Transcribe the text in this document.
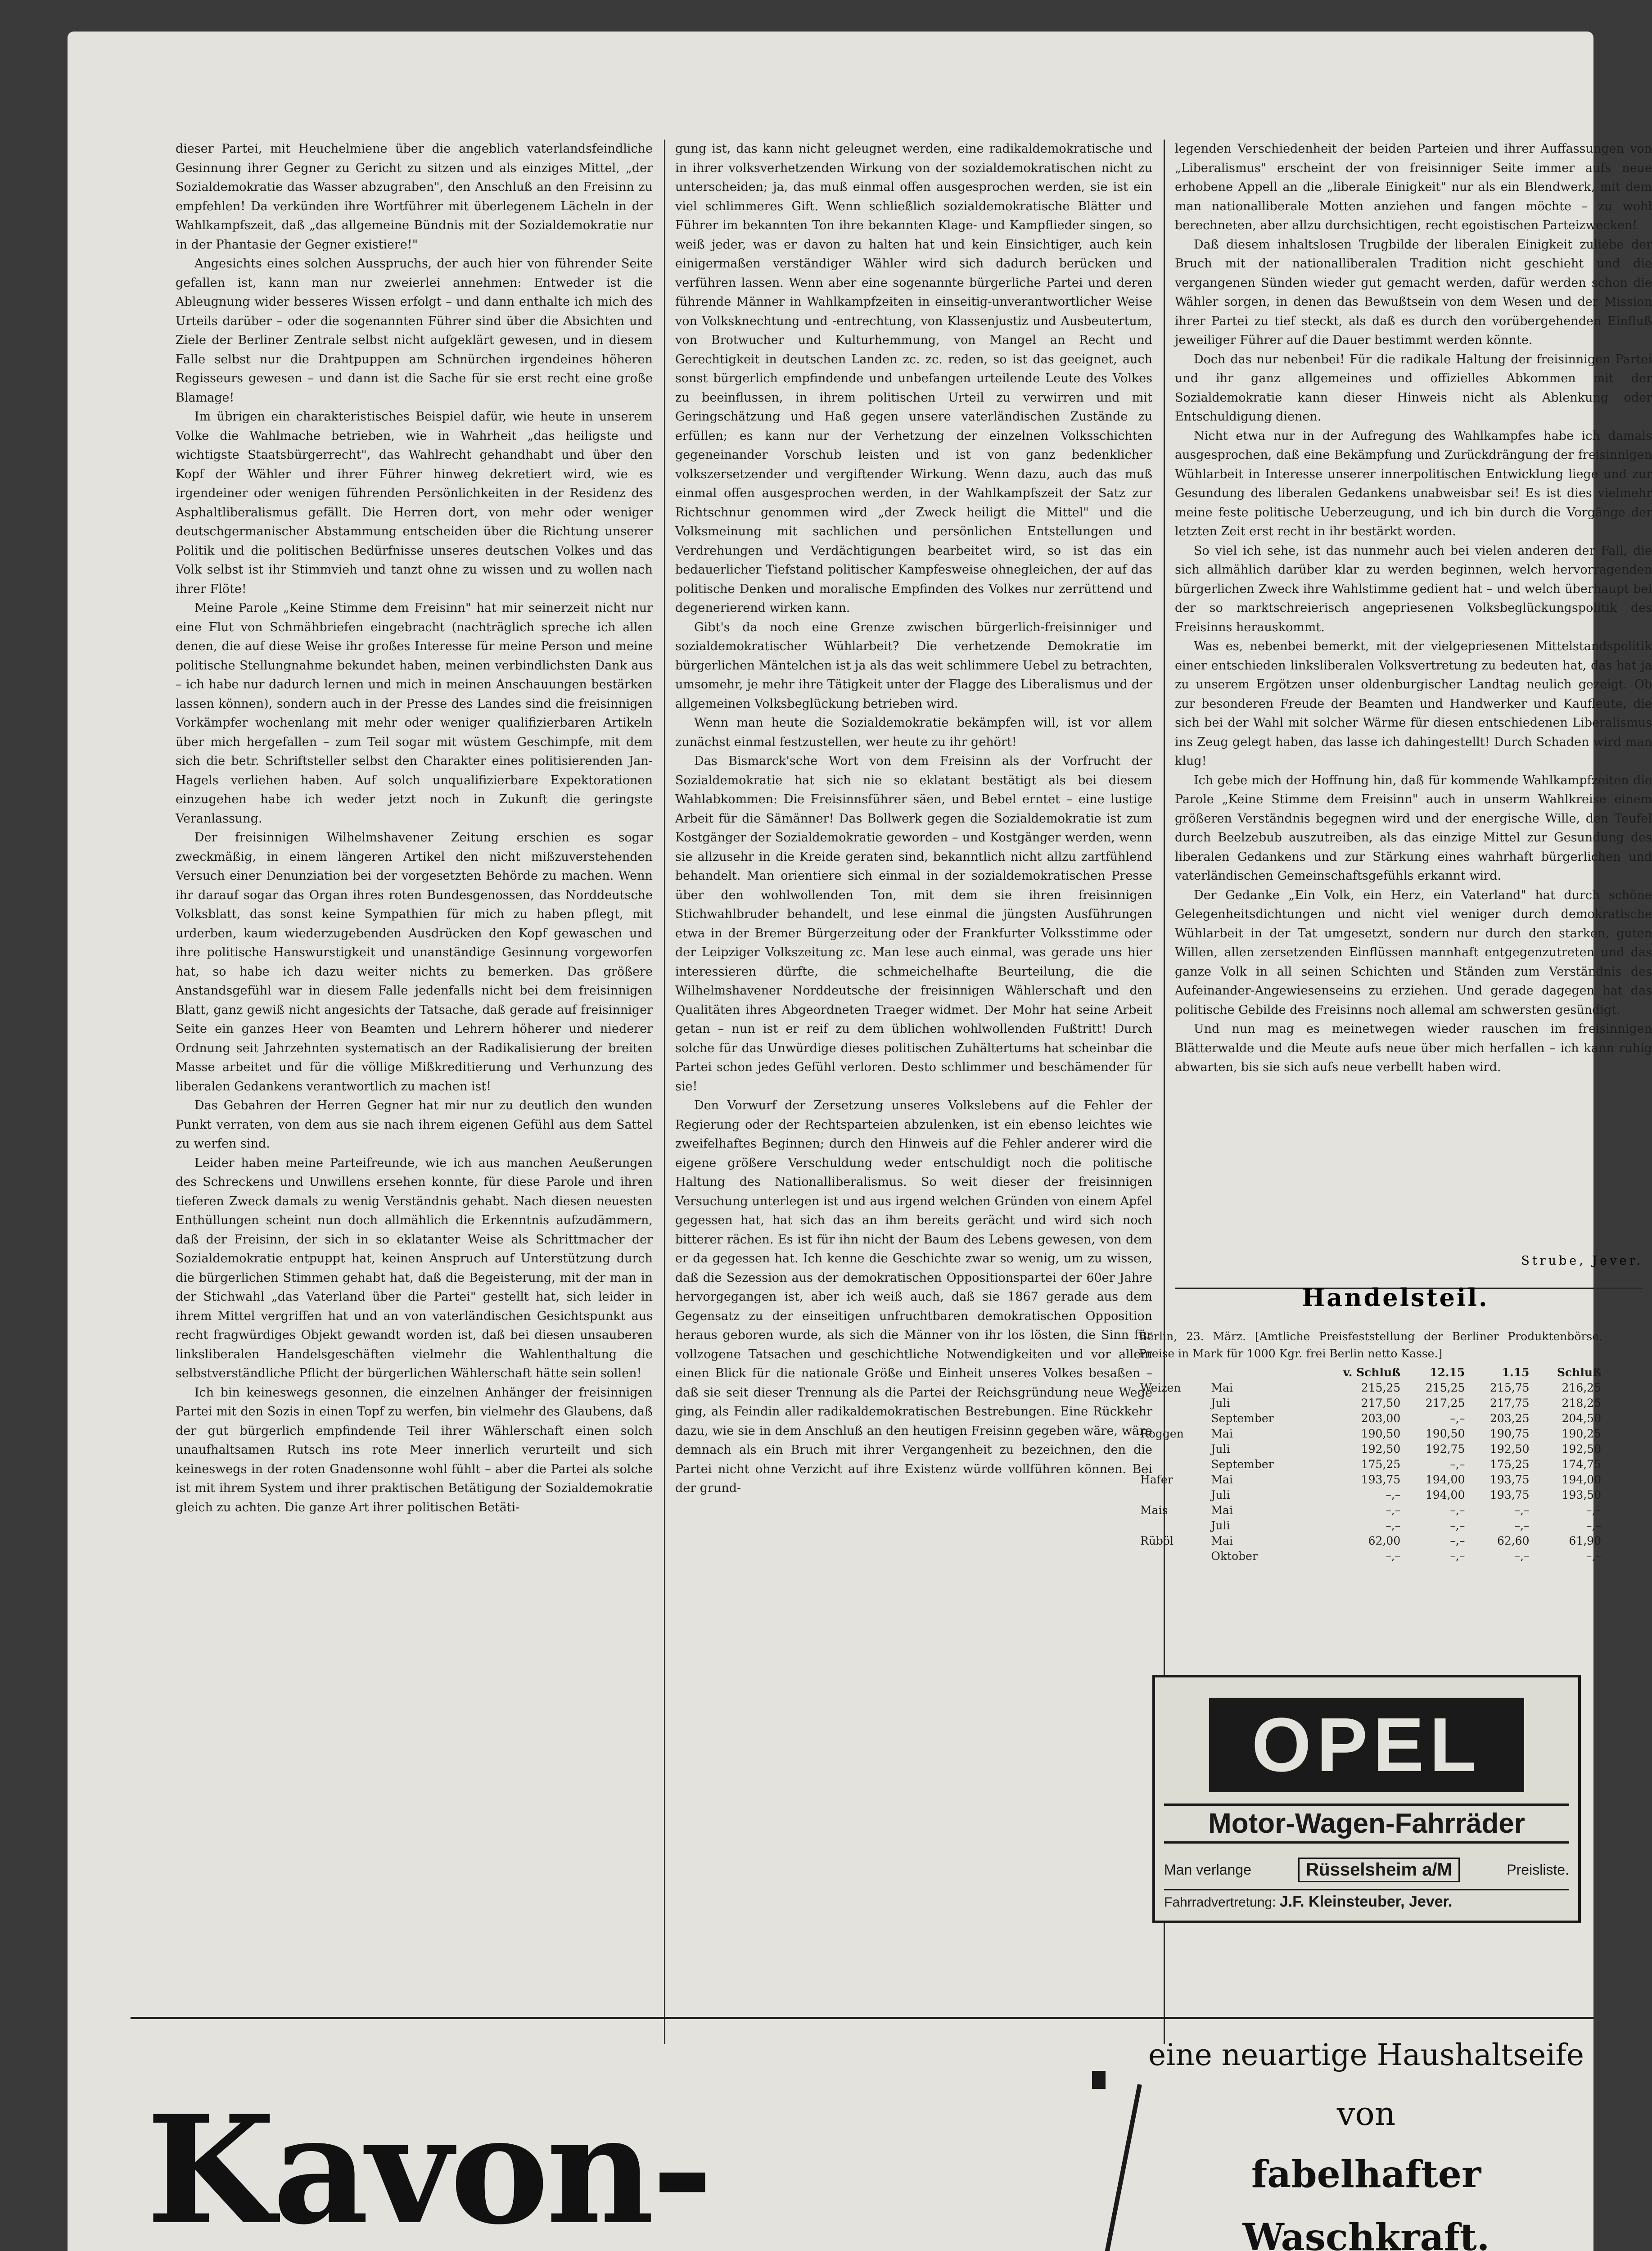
dieser Partei, mit Heuchelmiene über die angeblich vaterlandsfeindliche Gesinnung ihrer Gegner zu Gericht zu sitzen und als einziges Mittel, „der Sozialdemokratie das Wasser abzugraben", den Anschluß an den Freisinn zu empfehlen! Da verkünden ihre Wortführer mit überlegenem Lächeln in der Wahlkampfszeit, daß „das allgemeine Bündnis mit der Sozialdemokratie nur in der Phantasie der Gegner existiere!"

Angesichts eines solchen Ausspruchs, der auch hier von führender Seite gefallen ist, kann man nur zweierlei annehmen: Entweder ist die Ableugnung wider besseres Wissen erfolgt – und dann enthalte ich mich des Urteils darüber – oder die sogenannten Führer sind über die Absichten und Ziele der Berliner Zentrale selbst nicht aufgeklärt gewesen, und in diesem Falle selbst nur die Drahtpuppen am Schnürchen irgendeines höheren Regisseurs gewesen – und dann ist die Sache für sie erst recht eine große Blamage!

Im übrigen ein charakteristisches Beispiel dafür, wie heute in unserem Volke die Wahlmache betrieben, wie in Wahrheit „das heiligste und wichtigste Staatsbürgerrecht", das Wahlrecht gehandhabt und über den Kopf der Wähler und ihrer Führer hinweg dekretiert wird, wie es irgendeiner oder wenigen führenden Persönlichkeiten in der Residenz des Asphaltliberalismus gefällt. Die Herren dort, von mehr oder weniger deutschgermanischer Abstammung entscheiden über die Richtung unserer Politik und die politischen Bedürfnisse unseres deutschen Volkes und das Volk selbst ist ihr Stimmvieh und tanzt ohne zu wissen und zu wollen nach ihrer Flöte!

Meine Parole „Keine Stimme dem Freisinn" hat mir seinerzeit nicht nur eine Flut von Schmähbriefen eingebracht (nachträglich spreche ich allen denen, die auf diese Weise ihr großes Interesse für meine Person und meine politische Stellungnahme bekundet haben, meinen verbindlichsten Dank aus – ich habe nur dadurch lernen und mich in meinen Anschauungen bestärken lassen können), sondern auch in der Presse des Landes sind die freisinnigen Vorkämpfer wochenlang mit mehr oder weniger qualifizierbaren Artikeln über mich hergefallen – zum Teil sogar mit wüstem Geschimpfe, mit dem sich die betr. Schriftsteller selbst den Charakter eines politisierenden Jan-Hagels verliehen haben. Auf solch unqualifizierbare Expektorationen einzugehen habe ich weder jetzt noch in Zukunft die geringste Veranlassung.

Der freisinnigen Wilhelmshavener Zeitung erschien es sogar zweckmäßig, in einem längeren Artikel den nicht mißzuverstehenden Versuch einer Denunziation bei der vorgesetzten Behörde zu machen. Wenn ihr darauf sogar das Organ ihres roten Bundesgenossen, das Norddeutsche Volksblatt, das sonst keine Sympathien für mich zu haben pflegt, mit urderben, kaum wiederzugebenden Ausdrücken den Kopf gewaschen und ihre politische Hanswurstigkeit und unanständige Gesinnung vorgeworfen hat, so habe ich dazu weiter nichts zu bemerken. Das größere Anstandsgefühl war in diesem Falle jedenfalls nicht bei dem freisinnigen Blatt, ganz gewiß nicht angesichts der Tatsache, daß gerade auf freisinniger Seite ein ganzes Heer von Beamten und Lehrern höherer und niederer Ordnung seit Jahrzehnten systematisch an der Radikalisierung der breiten Masse arbeitet und für die völlige Mißkreditierung und Verhunzung des liberalen Gedankens verantwortlich zu machen ist!

Das Gebahren der Herren Gegner hat mir nur zu deutlich den wunden Punkt verraten, von dem aus sie nach ihrem eigenen Gefühl aus dem Sattel zu werfen sind.

Leider haben meine Parteifreunde, wie ich aus manchen Aeußerungen des Schreckens und Unwillens ersehen konnte, für diese Parole und ihren tieferen Zweck damals zu wenig Verständnis gehabt. Nach diesen neuesten Enthüllungen scheint nun doch allmählich die Erkenntnis aufzudämmern, daß der Freisinn, der sich in so eklatanter Weise als Schrittmacher der Sozialdemokratie entpuppt hat, keinen Anspruch auf Unterstützung durch die bürgerlichen Stimmen gehabt hat, daß die Begeisterung, mit der man in der Stichwahl „das Vaterland über die Partei" gestellt hat, sich leider in ihrem Mittel vergriffen hat und an von vaterländischen Gesichtspunkt aus recht fragwürdiges Objekt gewandt worden ist, daß bei diesen unsauberen linksliberalen Handelsgeschäften vielmehr die Wahlenthaltung die selbstverständliche Pflicht der bürgerlichen Wählerschaft hätte sein sollen!

Ich bin keineswegs gesonnen, die einzelnen Anhänger der freisinnigen Partei mit den Sozis in einen Topf zu werfen, bin vielmehr des Glaubens, daß der gut bürgerlich empfindende Teil ihrer Wählerschaft einen solch unaufhaltsamen Rutsch ins rote Meer innerlich verurteilt und sich keineswegs in der roten Gnadensonne wohl fühlt – aber die Partei als solche ist mit ihrem System und ihrer praktischen Betätigung der Sozialdemokratie gleich zu achten. Die ganze Art ihrer politischen Betäti-

gung ist, das kann nicht geleugnet werden, eine radikaldemokratische und in ihrer volksverhetzenden Wirkung von der sozialdemokratischen nicht zu unterscheiden; ja, das muß einmal offen ausgesprochen werden, sie ist ein viel schlimmeres Gift. Wenn schließlich sozialdemokratische Blätter und Führer im bekannten Ton ihre bekannten Klage- und Kampflieder singen, so weiß jeder, was er davon zu halten hat und kein Einsichtiger, auch kein einigermaßen verständiger Wähler wird sich dadurch berücken und verführen lassen. Wenn aber eine sogenannte bürgerliche Partei und deren führende Männer in Wahlkampfzeiten in einseitig-unverantwortlicher Weise von Volksknechtung und -entrechtung, von Klassenjustiz und Ausbeutertum, von Brotwucher und Kulturhemmung, von Mangel an Recht und Gerechtigkeit in deutschen Landen zc. zc. reden, so ist das geeignet, auch sonst bürgerlich empfindende und unbefangen urteilende Leute des Volkes zu beeinflussen, in ihrem politischen Urteil zu verwirren und mit Geringschätzung und Haß gegen unsere vaterländischen Zustände zu erfüllen; es kann nur der Verhetzung der einzelnen Volksschichten gegeneinander Vorschub leisten und ist von ganz bedenklicher volkszersetzender und vergiftender Wirkung. Wenn dazu, auch das muß einmal offen ausgesprochen werden, in der Wahlkampfszeit der Satz zur Richtschnur genommen wird „der Zweck heiligt die Mittel" und die Volksmeinung mit sachlichen und persönlichen Entstellungen und Verdrehungen und Verdächtigungen bearbeitet wird, so ist das ein bedauerlicher Tiefstand politischer Kampfesweise ohnegleichen, der auf das politische Denken und moralische Empfinden des Volkes nur zerrüttend und degenerierend wirken kann.

Gibt's da noch eine Grenze zwischen bürgerlich-freisinniger und sozialdemokratischer Wühlarbeit? Die verhetzende Demokratie im bürgerlichen Mäntelchen ist ja als das weit schlimmere Uebel zu betrachten, umsomehr, je mehr ihre Tätigkeit unter der Flagge des Liberalismus und der allgemeinen Volksbeglückung betrieben wird.

Wenn man heute die Sozialdemokratie bekämpfen will, ist vor allem zunächst einmal festzustellen, wer heute zu ihr gehört!

Das Bismarck'sche Wort von dem Freisinn als der Vorfrucht der Sozialdemokratie hat sich nie so eklatant bestätigt als bei diesem Wahlabkommen: Die Freisinnsführer säen, und Bebel erntet – eine lustige Arbeit für die Sämänner! Das Bollwerk gegen die Sozialdemokratie ist zum Kostgänger der Sozialdemokratie geworden – und Kostgänger werden, wenn sie allzusehr in die Kreide geraten sind, bekanntlich nicht allzu zartfühlend behandelt. Man orientiere sich einmal in der sozialdemokratischen Presse über den wohlwollenden Ton, mit dem sie ihren freisinnigen Stichwahlbruder behandelt, und lese einmal die jüngsten Ausführungen etwa in der Bremer Bürgerzeitung oder der Frankfurter Volksstimme oder der Leipziger Volkszeitung zc. Man lese auch einmal, was gerade uns hier interessieren dürfte, die schmeichelhafte Beurteilung, die die Wilhelmshavener Norddeutsche der freisinnigen Wählerschaft und den Qualitäten ihres Abgeordneten Traeger widmet. Der Mohr hat seine Arbeit getan – nun ist er reif zu dem üblichen wohlwollenden Fußtritt! Durch solche für das Unwürdige dieses politischen Zuhältertums hat scheinbar die Partei schon jedes Gefühl verloren. Desto schlimmer und beschämender für sie!

Den Vorwurf der Zersetzung unseres Volkslebens auf die Fehler der Regierung oder der Rechtsparteien abzulenken, ist ein ebenso leichtes wie zweifelhaftes Beginnen; durch den Hinweis auf die Fehler anderer wird die eigene größere Verschuldung weder entschuldigt noch die politische Haltung des Nationalliberalismus. So weit dieser der freisinnigen Versuchung unterlegen ist und aus irgend welchen Gründen von einem Apfel gegessen hat, hat sich das an ihm bereits gerächt und wird sich noch bitterer rächen. Es ist für ihn nicht der Baum des Lebens gewesen, von dem er da gegessen hat. Ich kenne die Geschichte zwar so wenig, um zu wissen, daß die Sezession aus der demokratischen Oppositionspartei der 60er Jahre hervorgegangen ist, aber ich weiß auch, daß sie 1867 gerade aus dem Gegensatz zu der einseitigen unfruchtbaren demokratischen Opposition heraus geboren wurde, als sich die Männer von ihr los lösten, die Sinn für vollzogene Tatsachen und geschichtliche Notwendigkeiten und vor allem einen Blick für die nationale Größe und Einheit unseres Volkes besaßen – daß sie seit dieser Trennung als die Partei der Reichsgründung neue Wege ging, als Feindin aller radikaldemokratischen Bestrebungen. Eine Rückkehr dazu, wie sie in dem Anschluß an den heutigen Freisinn gegeben wäre, wäre demnach als ein Bruch mit ihrer Vergangenheit zu bezeichnen, den die Partei nicht ohne Verzicht auf ihre Existenz würde vollführen können. Bei der grund-

legenden Verschiedenheit der beiden Parteien und ihrer Auffassungen von „Liberalismus" erscheint der von freisinniger Seite immer aufs neue erhobene Appell an die „liberale Einigkeit" nur als ein Blendwerk, mit dem man nationalliberale Motten anziehen und fangen möchte – zu wohl berechneten, aber allzu durchsichtigen, recht egoistischen Parteizwecken!

Daß diesem inhaltslosen Trugbilde der liberalen Einigkeit zuliebe der Bruch mit der nationalliberalen Tradition nicht geschieht und die vergangenen Sünden wieder gut gemacht werden, dafür werden schon die Wähler sorgen, in denen das Bewußtsein von dem Wesen und der Mission ihrer Partei zu tief steckt, als daß es durch den vorübergehenden Einfluß jeweiliger Führer auf die Dauer bestimmt werden könnte.

Doch das nur nebenbei! Für die radikale Haltung der freisinnigen Partei und ihr ganz allgemeines und offizielles Abkommen mit der Sozialdemokratie kann dieser Hinweis nicht als Ablenkung oder Entschuldigung dienen.

Nicht etwa nur in der Aufregung des Wahlkampfes habe ich damals ausgesprochen, daß eine Bekämpfung und Zurückdrängung der freisinnigen Wühlarbeit in Interesse unserer innerpolitischen Entwicklung liege und zur Gesundung des liberalen Gedankens unabweisbar sei! Es ist dies vielmehr meine feste politische Ueberzeugung, und ich bin durch die Vorgänge der letzten Zeit erst recht in ihr bestärkt worden.

So viel ich sehe, ist das nunmehr auch bei vielen anderen der Fall, die sich allmählich darüber klar zu werden beginnen, welch hervorragenden bürgerlichen Zweck ihre Wahlstimme gedient hat – und welch überhaupt bei der so marktschreierisch angepriesenen Volksbeglückungspolitik des Freisinns herauskommt.

Was es, nebenbei bemerkt, mit der vielgepriesenen Mittelstandspolitik einer entschieden linksliberalen Volksvertretung zu bedeuten hat, das hat ja zu unserem Ergötzen unser oldenburgischer Landtag neulich gezeigt. Ob zur besonderen Freude der Beamten und Handwerker und Kaufleute, die sich bei der Wahl mit solcher Wärme für diesen entschiedenen Liberalismus ins Zeug gelegt haben, das lasse ich dahingestellt! Durch Schaden wird man klug!

Ich gebe mich der Hoffnung hin, daß für kommende Wahlkampfzeiten die Parole „Keine Stimme dem Freisinn" auch in unserm Wahlkreise einem größeren Verständnis begegnen wird und der energische Wille, den Teufel durch Beelzebub auszutreiben, als das einzige Mittel zur Gesundung des liberalen Gedankens und zur Stärkung eines wahrhaft bürgerlichen und vaterländischen Gemeinschaftsgefühls erkannt wird.

Der Gedanke „Ein Volk, ein Herz, ein Vaterland" hat durch schöne Gelegenheitsdichtungen und nicht viel weniger durch demokratische Wühlarbeit in der Tat umgesetzt, sondern nur durch den starken, guten Willen, allen zersetzenden Einflüssen mannhaft entgegenzutreten und das ganze Volk in all seinen Schichten und Ständen zum Verständnis des Aufeinander-Angewiesenseins zu erziehen. Und gerade dagegen hat das politische Gebilde des Freisinns noch allemal am schwersten gesündigt.

Und nun mag es meinetwegen wieder rauschen im freisinnigen Blätterwalde und die Meute aufs neue über mich herfallen – ich kann ruhig abwarten, bis sie sich aufs neue verbellt haben wird.

Strube, Jever.

Handelsteil.

Berlin, 23. März. [Amtliche Preisfeststellung der Berliner Produktenbörse. Preise in Mark für 1000 Kgr. frei Berlin netto Kasse.]

		v. Schluß	12.15	1.15	Schluß
Weizen	Mai	215,25	215,25	215,75	216,25
	Juli	217,50	217,25	217,75	218,25
	September	203,00	–,–	203,25	204,50
Roggen	Mai	190,50	190,50	190,75	190,25
	Juli	192,50	192,75	192,50	192,50
	September	175,25	–,–	175,25	174,75
Hafer	Mai	193,75	194,00	193,75	194,00
	Juli	–,–	194,00	193,75	193,50
Mais	Mai	–,–	–,–	–,–	–,–
	Juli	–,–	–,–	–,–	–,–
Rüböl	Mai	62,00	–,–	62,60	61,90
	Oktober	–,–	–,–	–,–	–,–
OPEL
Motor-Wagen-Fahrräder
Man verlange	Rüsselsheim a/M	Preisliste.
Fahrradvertretung: J.F. Kleinsteuber, Jever.
Kavon-
eine neuartige Haushaltseife
von
fabelhafter Waschkraft.
